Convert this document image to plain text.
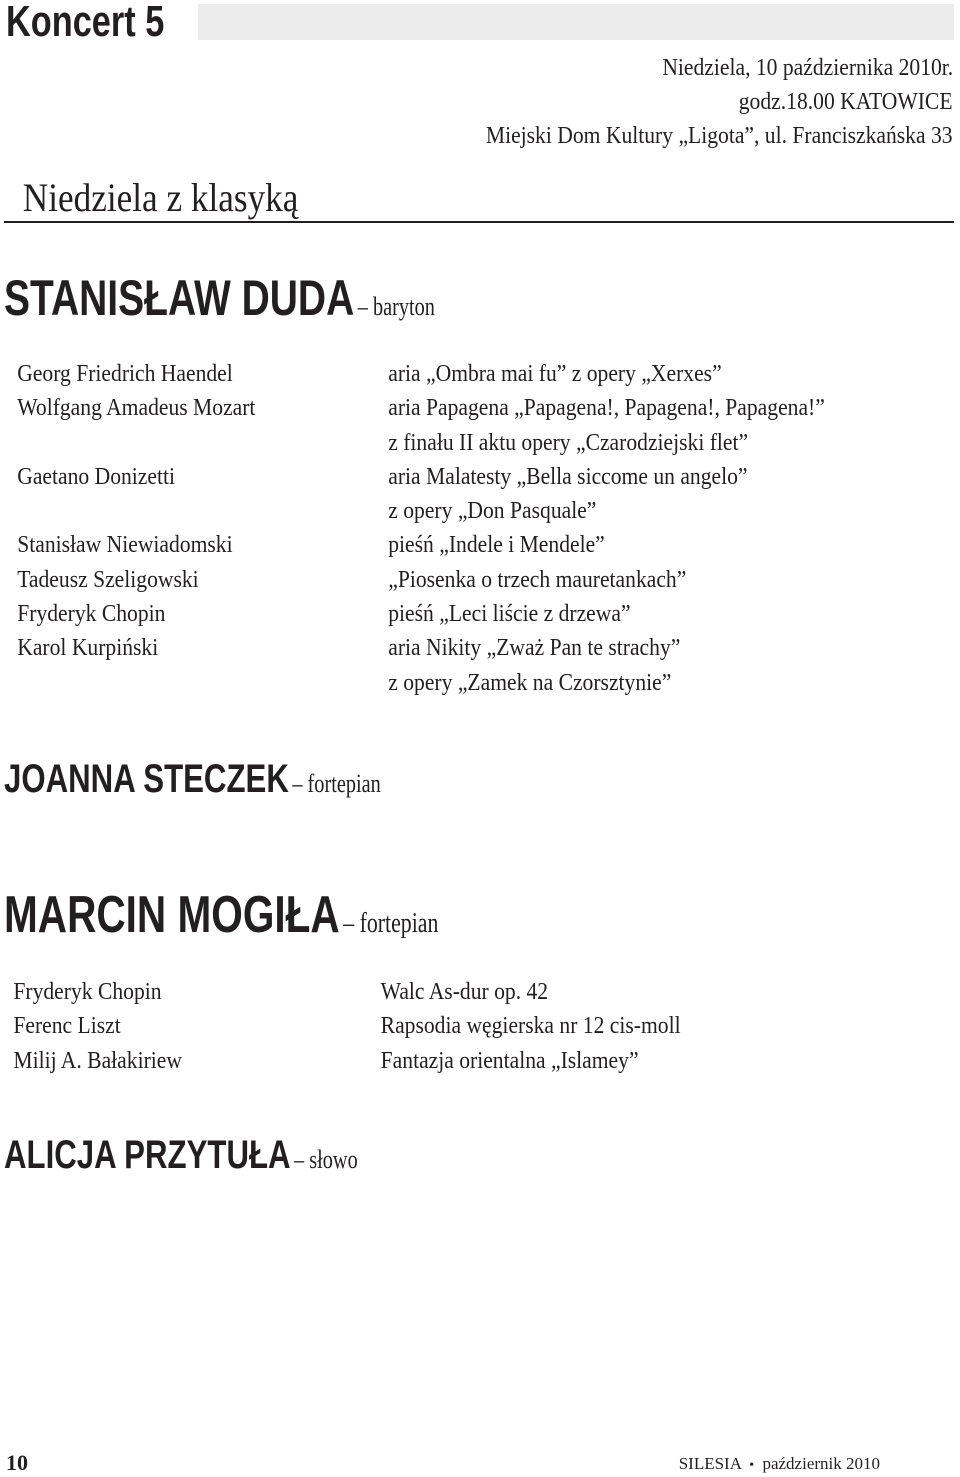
Koncert 5
Niedziela, 10 października 2010r.
godz.18.00 KATOWICE
Miejski Dom Kultury „Ligota”, ul. Franciszkańska 33
Niedziela z klasyką
STANISŁAW DUDA – baryton
Georg Friedrich Haendel
Wolfgang Amadeus Mozart

Gaetano Donizetti

Stanisław Niewiadomski
Tadeusz Szeligowski
Fryderyk Chopin
Karol Kurpiński

aria „Ombra mai fu” z opery „Xerxes”
aria Papagena „Papagena!, Papagena!, Papagena!”
z finału II aktu opery „Czarodziejski flet”
aria Malatesty „Bella siccome un angelo”
z opery „Don Pasquale”
pieśń „Indele i Mendele”
„Piosenka o trzech mauretankach”
pieśń „Leci liście z drzewa”
aria Nikity „Zważ Pan te strachy”
z opery „Zamek na Czorsztynie”
JOANNA STECZEK – fortepian
MARCIN MOGIŁA – fortepian
Fryderyk Chopin
Ferenc Liszt
Milij A. Bałakiriew
Walc As-dur op. 42
Rapsodia węgierska nr 12 cis-moll
Fantazja orientalna „Islamey”
ALICJA PRZYTUŁA – słowo
10	SILESIA • październik 2010
